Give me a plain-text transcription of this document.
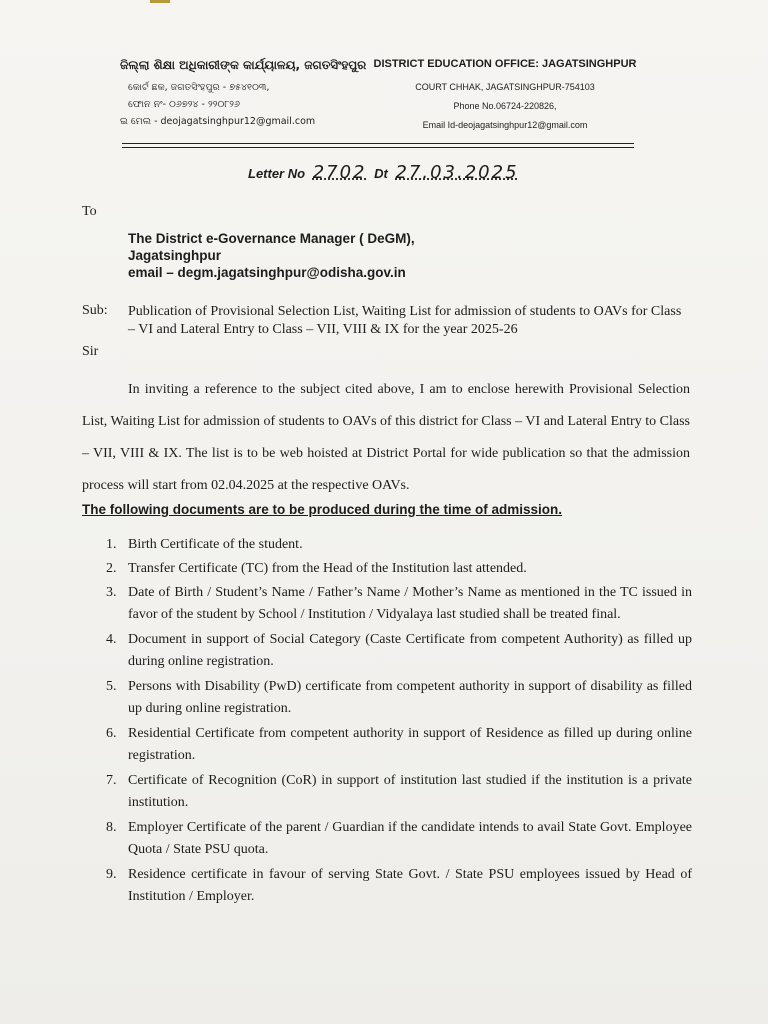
ଜିଲ୍ଲା ଶିକ୍ଷା ଅଧିକାରୀଙ୍କ କାର୍ଯ୍ୟାଳୟ, ଜଗତସିଂହପୁର
କୋର୍ଟ ଛକ, ଜଗତସିଂହପୁର - ୭୫୪୧୦୩,
ଫୋନ ନଂ- ୦୬୭୨୪ - ୨୨୦୮୨୬
ଇ ମେଲ - deojagatsinghpur12@gmail.com
DISTRICT EDUCATION OFFICE: JAGATSINGHPUR
COURT CHHAK, JAGATSINGHPUR-754103
Phone No.06724-220826,
Email Id-deojagatsinghpur12@gmail.com
Letter No 2702 Dt 27.03.2025
To
The District e-Governance Manager ( DeGM),
Jagatsinghpur
email – degm.jagatsinghpur@odisha.gov.in
Sub: Publication of Provisional Selection List, Waiting List for admission of students to OAVs for Class – VI and Lateral Entry to Class – VII, VIII & IX for the year 2025-26
Sir
In inviting a reference to the subject cited above, I am to enclose herewith Provisional Selection List, Waiting List for admission of students to OAVs of this district for Class – VI and Lateral Entry to Class – VII, VIII & IX. The list is to be web hoisted at District Portal for wide publication so that the admission process will start from 02.04.2025 at the respective OAVs.
The following documents are to be produced during the time of admission.
1. Birth Certificate of the student.
2. Transfer Certificate (TC) from the Head of the Institution last attended.
3. Date of Birth / Student’s Name / Father’s Name / Mother’s Name as mentioned in the TC issued in favor of the student by School / Institution / Vidyalaya last studied shall be treated final.
4. Document in support of Social Category (Caste Certificate from competent Authority) as filled up during online registration.
5. Persons with Disability (PwD) certificate from competent authority in support of disability as filled up during online registration.
6. Residential Certificate from competent authority in support of Residence as filled up during online registration.
7. Certificate of Recognition (CoR) in support of institution last studied if the institution is a private institution.
8. Employer Certificate of the parent / Guardian if the candidate intends to avail State Govt. Employee Quota / State PSU quota.
9. Residence certificate in favour of serving State Govt. / State PSU employees issued by Head of Institution / Employer.
